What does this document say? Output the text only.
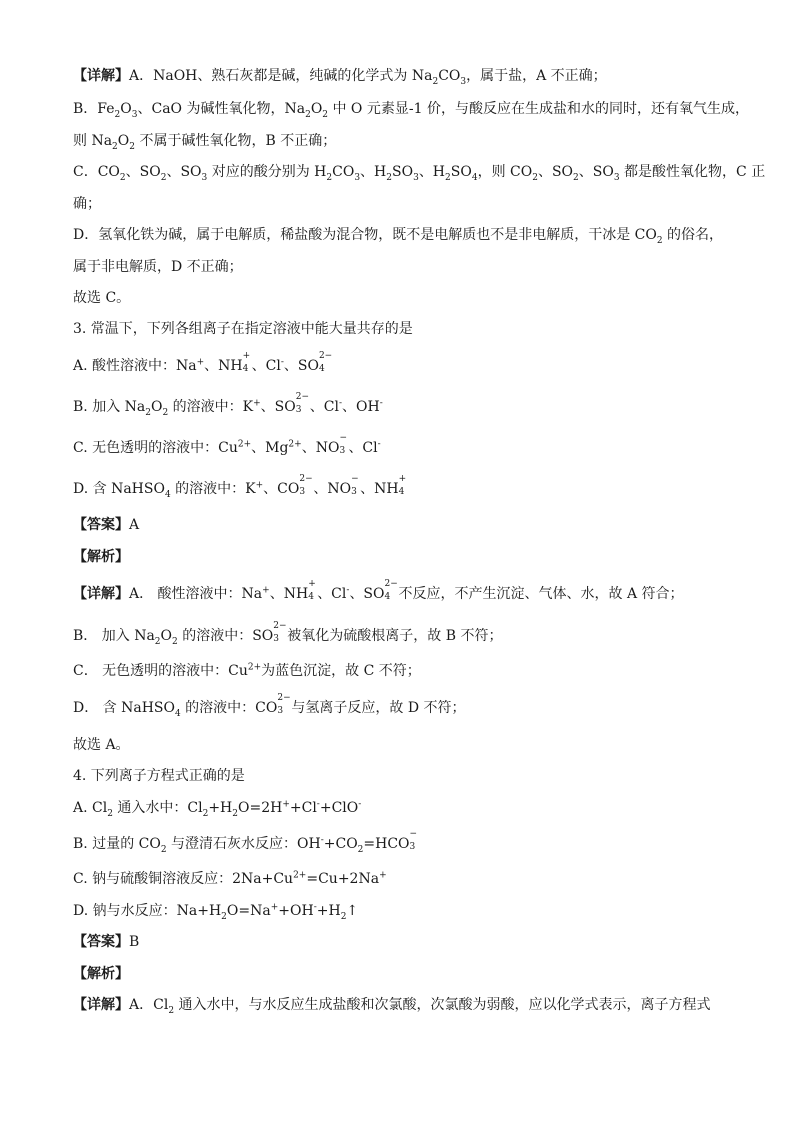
【详解】A．NaOH、熟石灰都是碱，纯碱的化学式为 $Na_2CO_3$，属于盐，A 不正确；
B．$Fe_2O_3$、CaO 为碱性氧化物，$Na_2O_2$ 中 O 元素显-1 价，与酸反应在生成盐和水的同时，还有氧气生成，
则 $Na_2O_2$ 不属于碱性氧化物，B 不正确；
C．$CO_2$、$SO_2$、$SO_3$ 对应的酸分别为 $H_2CO_3$、$H_2SO_3$、$H_2SO_4$，则 $CO_2$、$SO_2$、$SO_3$ 都是酸性氧化物，C 正
确；
D．氢氧化铁为碱，属于电解质，稀盐酸为混合物，既不是电解质也不是非电解质，干冰是 $CO_2$ 的俗名，
属于非电解质，D 不正确；
故选 C。
3. 常温下，下列各组离子在指定溶液中能大量共存的是
A. 酸性溶液中：Na+、NH
+
4 、Cl-、SO
2−
4
B. 加入 $Na_2O_2$ 的溶液中：K+、SO
2−
3 、Cl-、OH-
C. 无色透明的溶液中：$Cu^{2+}$、$Mg^{2+}$、NO
−
3 、Cl-
D. 含 NaHSO$_4$ 的溶液中：K+、CO
2−
3 、NO
−
3 、NH
+
4
【答案】A
【解析】
【详解】A． 酸性溶液中：Na+、NH
+
4 、Cl-、SO
2−
4 不反应，不产生沉淀、气体、水，故 A 符合；
B． 加入 $Na_2O_2$ 的溶液中：SO
2−
3 被氧化为硫酸根离子，故 B 不符；
C． 无色透明的溶液中：$Cu^{2+}$为蓝色沉淀，故 C 不符；
D． 含 NaHSO$_4$ 的溶液中：CO
2−
3 与氢离子反应，故 D 不符；
故选 A。
4. 下列离子方程式正确的是
A. $Cl_2$ 通入水中：$Cl_2+H_2O=2H^++Cl^-+ClO^-$
B. 过量的 $CO_2$ 与澄清石灰水反应：$OH^-+CO_2=HCO$
−
3
C. 钠与硫酸铜溶液反应：$2Na+Cu^{2+}=Cu+2Na^+$
D. 钠与水反应：$Na+H_2O=Na^++OH^-+H_2↑$
【答案】B
【解析】
【详解】A．$Cl_2$ 通入水中，与水反应生成盐酸和次氯酸，次氯酸为弱酸，应以化学式表示，离子方程式
